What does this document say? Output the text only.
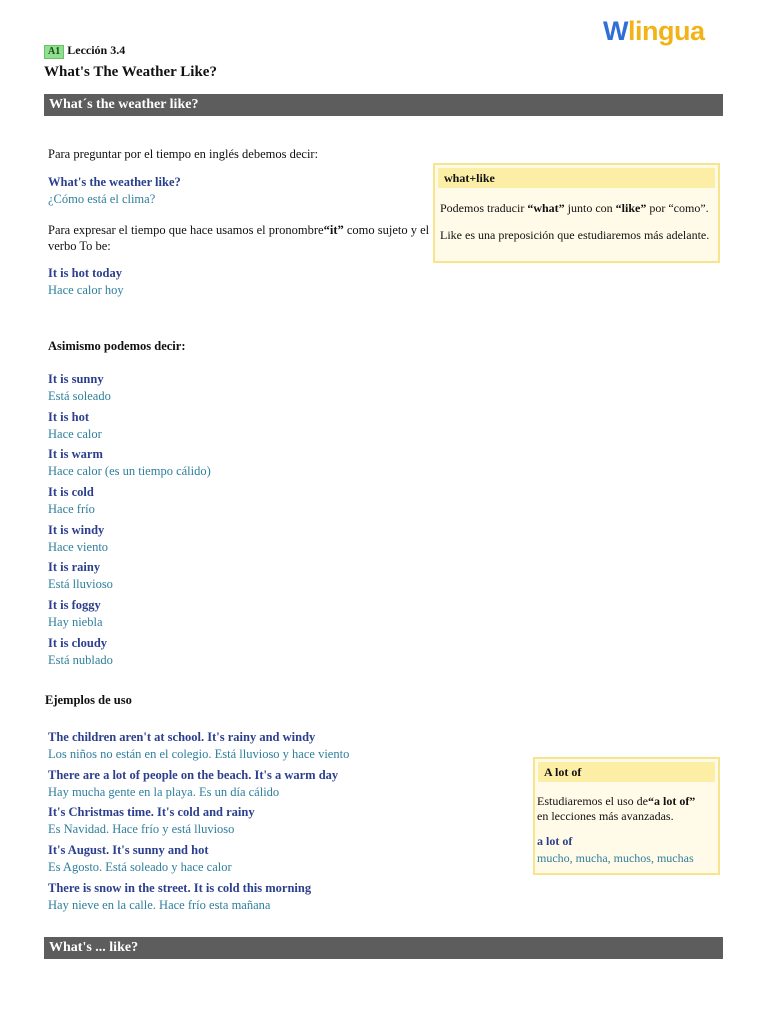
Wlingua
A1 Lección 3.4
What's The Weather Like?
What´s the weather like?
Para preguntar por el tiempo en inglés debemos decir:
What's the weather like?
¿Cómo está el clima?
Para expresar el tiempo que hace usamos el pronombre“it” como sujeto y el verbo To be:
It is hot today
Hace calor hoy
Asimismo podemos decir:
It is sunny
Está soleado
It is hot
Hace calor
It is warm
Hace calor (es un tiempo cálido)
It is cold
Hace frío
It is windy
Hace viento
It is rainy
Está lluvioso
It is foggy
Hay niebla
It is cloudy
Está nublado
Ejemplos de uso
The children aren't at school. It's rainy and windy
Los niños no están en el colegio. Está lluvioso y hace viento
There are a lot of people on the beach. It's a warm day
Hay mucha gente en la playa. Es un día cálido
It's Christmas time. It's cold and rainy
Es Navidad. Hace frío y está lluvioso
It's August. It's sunny and hot
Es Agosto. Está soleado y hace calor
There is snow in the street. It is cold this morning
Hay nieve en la calle. Hace frío esta mañana
what+like
Podemos traducir “what” junto con “like” por “como”.
Like es una preposición que estudiaremos más adelante.
A lot of
Estudiaremos el uso de“a lot of”
en lecciones más avanzadas.
a lot of
mucho, mucha, muchos, muchas
What's ... like?
